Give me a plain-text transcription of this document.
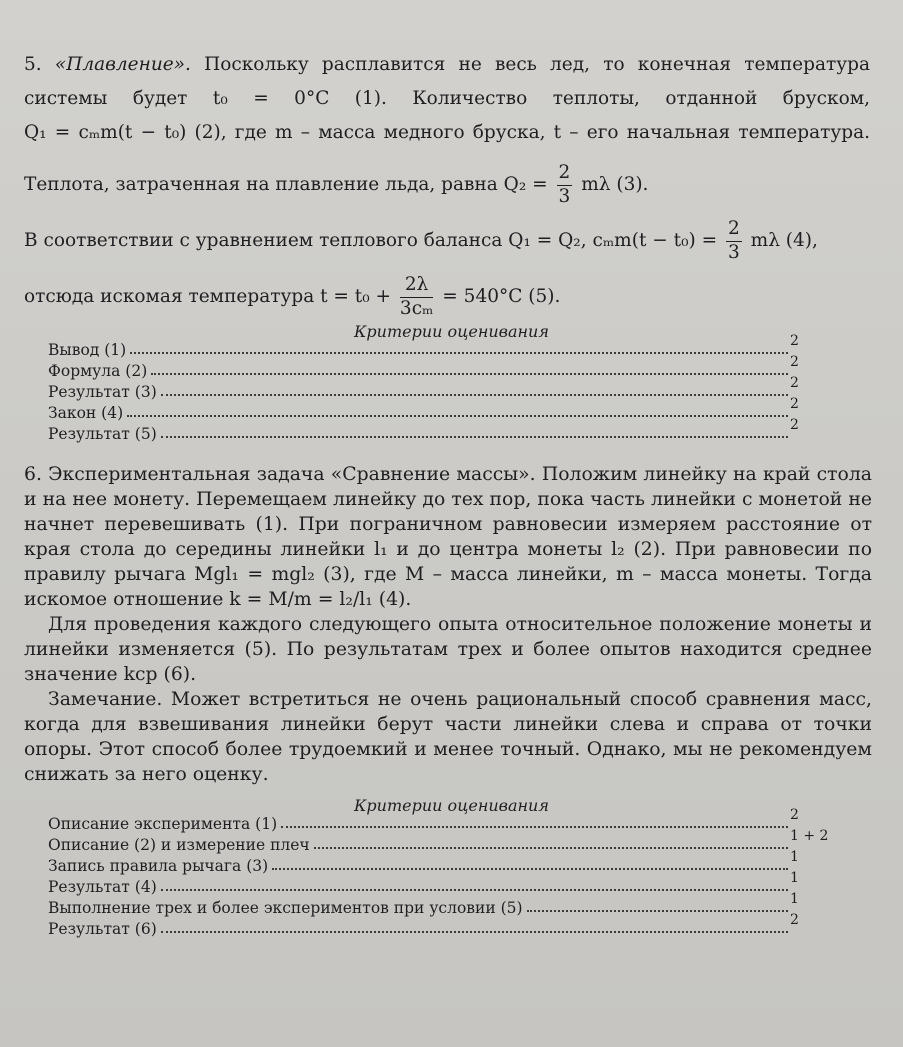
5. «Плавление». Поскольку расплавится не весь лед, то конечная температура

системы будет t₀ = 0°C (1). Количество теплоты, отданной бруском,

Q₁ = cₘm(t − t₀) (2), где m – масса медного бруска, t – его начальная температура.

Теплота, затраченная на плавление льда, равна $Q_2 = \frac{2}{3}$ mλ (3).

В соответствии с уравнением теплового баланса Q₁ = Q₂, $c_mm(t - t_0) = \frac{2}{3}$ mλ (4),

отсюда искомая температура $t = t_0 + \frac{2\lambda}{\text{3cₘ}} = 540^\circ C$ (5).

Критерии оценивания
Вывод (1)	2
Формула (2)	2
Результат (3)	2
Закон (4)	2
Результат (5)	2

6. Экспериментальная задача «Сравнение массы». Положим линейку на край стола и на нее монету. Перемещаем линейку до тех пор, пока часть линейки с монетой не начнет перевешивать (1). При пограничном равновесии измеряем расстояние от края стола до середины линейки l₁ и до центра монеты l₂ (2). При равновесии по правилу рычага Mgl₁ = mgl₂ (3), где M – масса линейки, m – масса монеты. Тогда искомое отношение k = M/m = l₂/l₁ (4).

Для проведения каждого следующего опыта относительное положение монеты и линейки изменяется (5). По результатам трех и более опытов находится среднее значение kср (6).

Замечание. Может встретиться не очень рациональный способ сравнения масс, когда для взвешивания линейки берут части линейки слева и справа от точки опоры. Этот способ более трудоемкий и менее точный. Однако, мы не рекомендуем снижать за него оценку.

Критерии оценивания
Описание эксперимента (1)	2
Описание (2) и измерение плеч	1 + 2
Запись правила рычага (3)	1
Результат (4)	1
Выполнение трех и более экспериментов при условии (5)	1
Результат (6)	2
